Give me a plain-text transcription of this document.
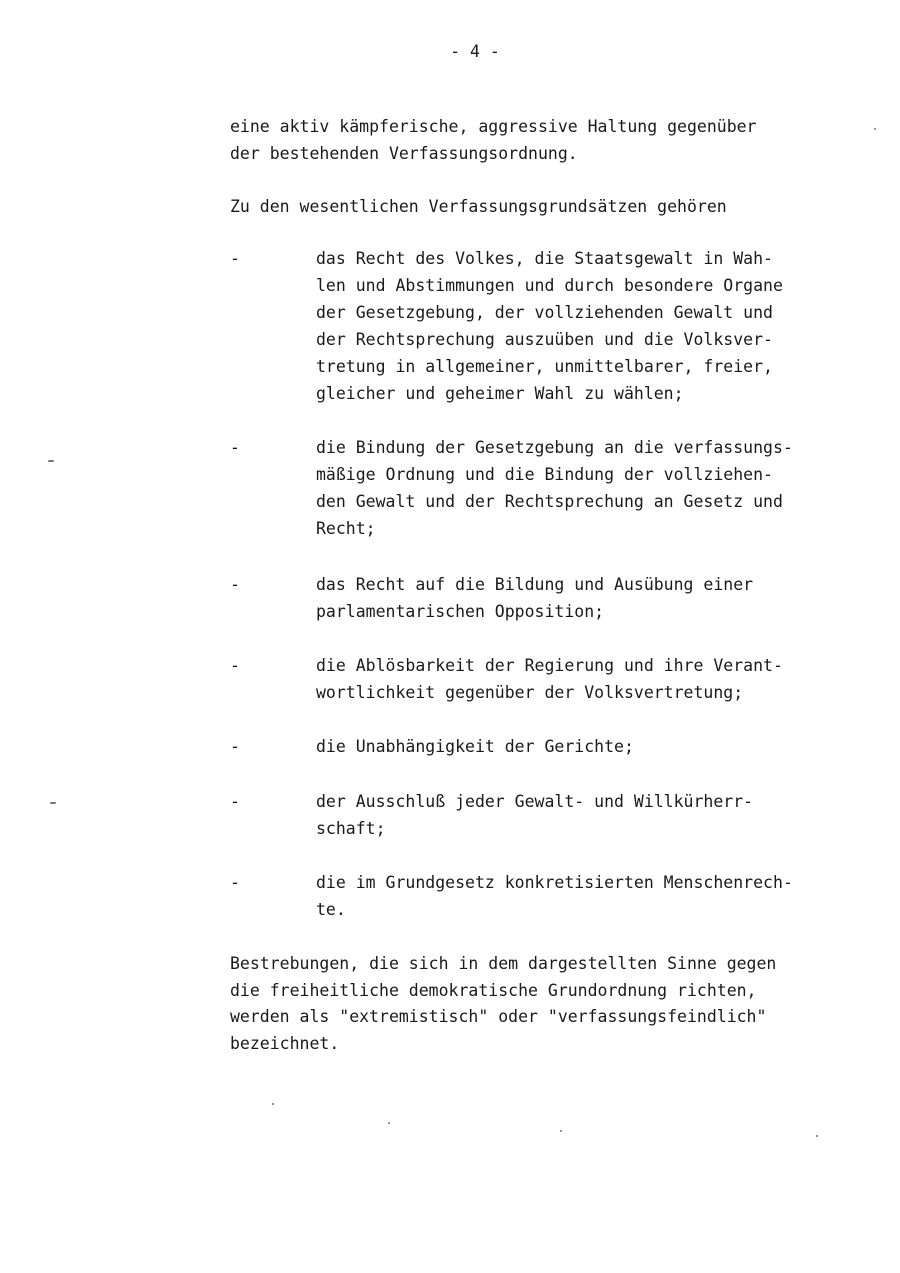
- 4 -

eine aktiv kämpferische, aggressive Haltung gegenüber
der bestehenden Verfassungsordnung.

Zu den wesentlichen Verfassungsgrundsätzen gehören

-	das Recht des Volkes, die Staatsgewalt in Wah-
len und Abstimmungen und durch besondere Organe
der Gesetzgebung, der vollziehenden Gewalt und
der Rechtsprechung auszuüben und die Volksver-
tretung in allgemeiner, unmittelbarer, freier,
gleicher und geheimer Wahl zu wählen;

-	die Bindung der Gesetzgebung an die verfassungs-
mäßige Ordnung und die Bindung der vollziehen-
den Gewalt und der Rechtsprechung an Gesetz und
Recht;

-	das Recht auf die Bildung und Ausübung einer
parlamentarischen Opposition;

-	die Ablösbarkeit der Regierung und ihre Verant-
wortlichkeit gegenüber der Volksvertretung;

-	die Unabhängigkeit der Gerichte;

-	der Ausschluß jeder Gewalt- und Willkürherr-
schaft;

-	die im Grundgesetz konkretisierten Menschenrech-
te.

Bestrebungen, die sich in dem dargestellten Sinne gegen
die freiheitliche demokratische Grundordnung richten,
werden als "extremistisch" oder "verfassungsfeindlich"
bezeichnet.
